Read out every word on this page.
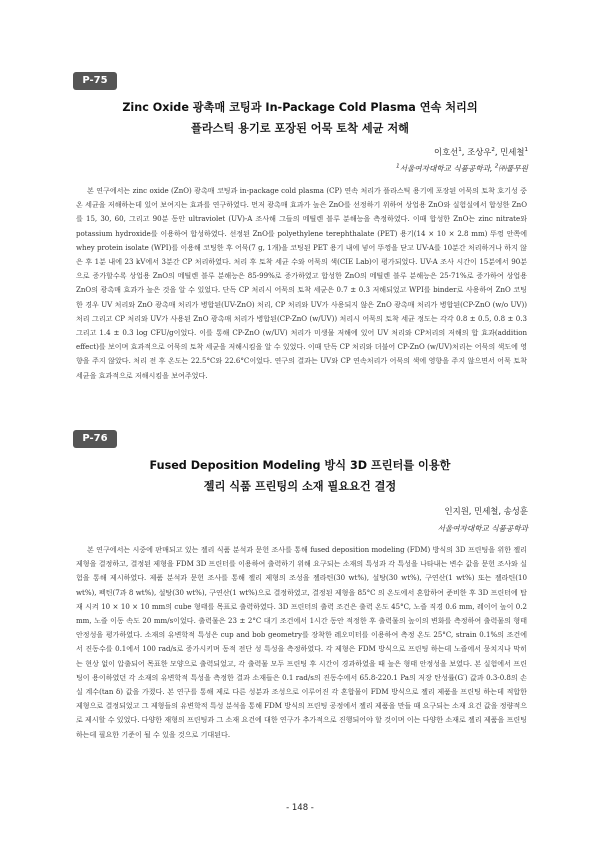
P-75
Zinc Oxide 광촉매 코팅과 In-Package Cold Plasma 연속 처리의
플라스틱 용기로 포장된 어묵 토착 세균 저해
이호선$^1$, 조상우$^2$, 민세철$^1$
$^1$서울여자대학교 식품공학과, $^2$㈜풀무원

본 연구에서는 zinc oxide (ZnO) 광촉매 코팅과 in-package cold plasma (CP) 연속 처리가 플라스틱 용기에 포장된 어묵의 토착 호기성 중온 세균을 저해하는데 있어 보여지는 효과를 연구하였다. 먼저 광촉매 효과가 높은 ZnO를 선정하기 위하여 상업용 ZnO와 실험실에서 합성한 ZnO를 15, 30, 60, 그리고 90분 동안 ultraviolet (UV)-A 조사해 그들의 메틸렌 블루 분해능을 측정하였다. 이때 합성한 ZnO는 zinc nitrate와 potassium hydroxide를 이용하여 합성하였다. 선정된 ZnO를 polyethylene terephthalate (PET) 용기(14 × 10 × 2.8 mm) 뚜껑 안쪽에 whey protein isolate (WPI)를 이용해 코팅한 후 어묵(7 g, 1개)을 코팅된 PET 용기 내에 넣어 뚜껑을 닫고 UV-A를 10분간 처리하거나 하지 않은 후 1분 내에 23 kV에서 3분간 CP 처리하였다. 처리 후 토착 세균 수와 어묵의 색(CIE Lab)이 평가되었다. UV-A 조사 시간이 15분에서 90분으로 증가할수록 상업용 ZnO의 메틸렌 블루 분해능은 85-99%로 증가하였고 합성한 ZnO의 메틸렌 블루 분해능은 25-71%로 증가하여 상업용 ZnO의 광촉매 효과가 높은 것을 알 수 있었다. 단독 CP 처리시 어묵의 토착 세균은 0.7 ± 0.3 저해되었고 WPI를 binder로 사용하여 ZnO 코팅 한 경우 UV 처리와 ZnO 광촉매 처리가 병합된(UV-ZnO) 처리, CP 처리와 UV가 사용되지 않은 ZnO 광촉매 처리가 병합된(CP-ZnO (w/o UV)) 처리 그리고 CP 처리와 UV가 사용된 ZnO 광촉매 처리가 병합된(CP-ZnO (w/UV)) 처리시 어묵의 토착 세균 정도는 각각 0.8 ± 0.5, 0.8 ± 0.3 그리고 1.4 ± 0.3 log CFU/g이었다. 이를 통해 CP-ZnO (w/UV) 처리가 미생물 저해에 있어 UV 처리와 CP처리의 저해의 합 효과(addition effect)를 보이며 효과적으로 어묵의 토착 세균을 저해시킴을 알 수 있었다. 이때 단독 CP 처리와 더불어 CP-ZnO (w/UV)처리는 어묵의 색도에 영향을 주지 않았다. 처리 전 후 온도는 22.5°C와 22.6°C이었다. 연구의 결과는 UV와 CP 연속처리가 어묵의 색에 영향을 주지 않으면서 어묵 토착 세균을 효과적으로 저해시킴을 보여주었다.

P-76
Fused Deposition Modeling 방식 3D 프린터를 이용한
젤리 식품 프린팅의 소재 필요요건 결정
인지원, 민세철, 송성훈
서울여자대학교 식품공학과

본 연구에서는 시중에 판매되고 있는 젤리 식품 분석과 문헌 조사를 통해 fused deposition modeling (FDM) 방식의 3D 프린팅을 위한 젤리 제형을 결정하고, 결정된 제형을 FDM 3D 프린터를 이용하여 출력하기 위해 요구되는 소재의 특성과 각 특성을 나타내는 변수 값을 문헌 조사와 실험을 통해 제시하였다. 제품 분석과 문헌 조사를 통해 젤리 제형의 조성을 젤라틴(30 wt%), 설탕(30 wt%), 구연산(1 wt%) 또는 젤라틴(10 wt%), 펙틴(7과 8 wt%), 설탕(30 wt%), 구연산(1 wt%)으로 결정하였고, 결정된 제형을 85°C 의 온도에서 혼합하여 준비한 후 3D 프린터에 탑재 시켜 10 × 10 × 10 mm의 cube 형태를 목표로 출력하였다. 3D 프린터의 출력 조건은 출력 온도 45°C, 노즐 직경 0.6 mm, 레이어 높이 0.2 mm, 노즐 이동 속도 20 mm/s이었다. 출력물은 23 ± 2°C 대기 조건에서 1시간 동안 적정한 후 출력물의 높이의 변화를 측정하여 출력물의 형태 안정성을 평가하였다. 소재의 유변학적 특성은 cup and bob geometry를 장착한 레오미터를 이용하여 측정 온도 25°C, strain 0.1%의 조건에서 진동수를 0.1에서 100 rad/s로 증가시키며 동적 전단 성 특성을 측정하였다. 각 제형은 FDM 방식으로 프린팅 하는데 노즐에서 뭉치지나 막히는 현상 없이 압출되어 목표한 모양으로 출력되었고, 각 출력물 모두 프린팅 후 시간이 경과하였을 때 높은 형태 안정성을 보였다. 본 실험에서 프린팅이 용이하였던 각 소재의 유변학적 특성을 측정한 결과 소재들은 0.1 rad/s의 진동수에서 65.8-220.1 Pa의 저장 탄성률(G′) 값과 0.3-0.8의 손실 계수(tan δ) 값을 가졌다. 본 연구를 통해 제로 다른 성분과 조성으로 이루어진 각 혼합물이 FDM 방식으로 젤리 제품을 프린팅 하는데 적합한 제형으로 결정되었고 그 제형들의 유변학적 특성 분석을 통해 FDM 방식의 프린팅 공정에서 젤리 제품을 만들 때 요구되는 소재 요건 값을 정량적으로 제시할 수 있었다. 다양한 재형의 프린팅과 그 소재 요건에 대한 연구가 추가적으로 진행되어야 할 것이며 이는 다양한 소재로 젤리 제품을 프린팅 하는데 필요한 기준이 될 수 있을 것으로 기대된다.

- 148 -
